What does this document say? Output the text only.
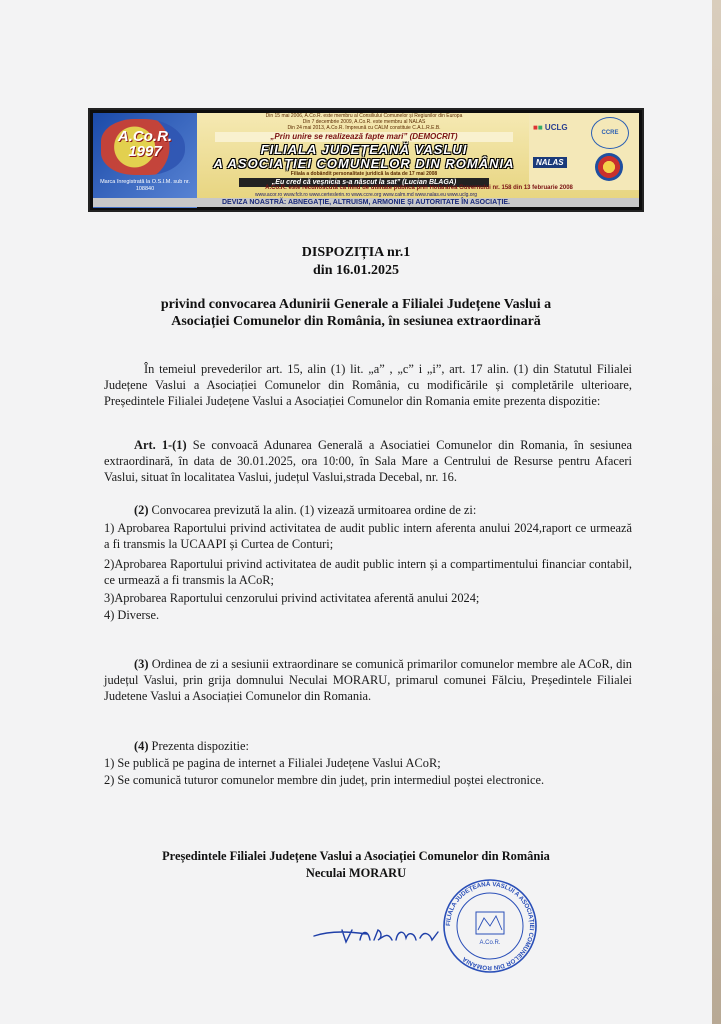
A.Co.R.
1997
Marca înregistrată la O.S.I.M. sub nr. 108840
Din 15 mai 2006, A.Co.R. este membru al Consiliului Comunelor și Regiunilor din Europa
Din 7 decembrie 2009, A.Co.R. este membru al NALAS
Din 24 mai 2013, A.Co.R. împreună cu CALM constituie C.A.L.R.E.B.
„Prin unire se realizează fapte mari” (DEMOCRIT)
FILIALA JUDEȚEANĂ VASLUI
A ASOCIAȚIEI COMUNELOR DIN ROMÂNIA
Filiala a dobândit personalitate juridică la data de 17 mai 2008
„Eu cred că veșnicia s-a născut la sat” (Lucian BLAGA)
■■ UCLG
CCRE
NALAS
A.Co.R. este recunoscută ca fiind de utilitate publică prin Hotărârea Guvernului nr. 158 din 13 februarie 2008
www.acor.ro www.fclr.ro www.certeslerin.ro www.ccre.org www.calm.md www.nalas.eu www.uclg.org
DEVIZA NOASTRĂ: ABNEGAȚIE, ALTRUISM, ARMONIE ȘI AUTORITATE ÎN ASOCIAȚIE.
DISPOZIȚIA nr.1
din 16.01.2025
privind convocarea Adunirii Generale a Filialei Județene Vaslui a
Asociației Comunelor din România, în sesiunea extraordinară
În temeiul prevederilor art. 15, alin (1) lit. „a” , „c” i „i”, art. 17 alin. (1) din Statutul Filialei Județene Vaslui a Asociației Comunelor din România, cu modificările și completările ulterioare, Președintele Filialei Județene Vaslui a Asociației Comunelor din Romania emite prezenta dispozitie:
Art. 1-(1) Se convoacă Adunarea Generală a Asociatiei Comunelor din Romania, în sesiunea extraordinară, în data de 30.01.2025, ora 10:00, în Sala Mare a Centrului de Resurse pentru Afaceri Vaslui, situat în localitatea Vaslui, județul Vaslui,strada Decebal, nr. 16.
(2) Convocarea previzută la alin. (1) vizează urmitoarea ordine de zi:
1) Aprobarea Raportului privind activitatea de audit public intern aferenta anului 2024,raport ce urmează a fi transmis la UCAAPI și Curtea de Conturi;
2)Aprobarea Raportului privind activitatea de audit public intern și a compartimentului financiar contabil, ce urmează a fi transmis la ACoR;
3)Aprobarea Raportului cenzorului privind activitatea aferentă anului 2024;
4) Diverse.
(3) Ordinea de zi a sesiunii extraordinare se comunică primarilor comunelor membre ale ACoR, din județul Vaslui, prin grija domnului Neculai MORARU, primarul comunei Fălciu, Președintele Filialei Judetene Vaslui a Asociației Comunelor din Romania.
(4) Prezenta dispozitie:
1) Se publică pe pagina de internet a Filialei Județene Vaslui ACoR;
2) Se comunică tuturor comunelor membre din județ, prin intermediul poștei electronice.
Președintele Filialei Județene Vaslui a Asociației Comunelor din România
Neculai MORARU
FILIALA JUDEȚEANĂ VASLUI A ASOCIAȚIEI COMUNELOR DIN ROMÂNIA
A.Co.R.
